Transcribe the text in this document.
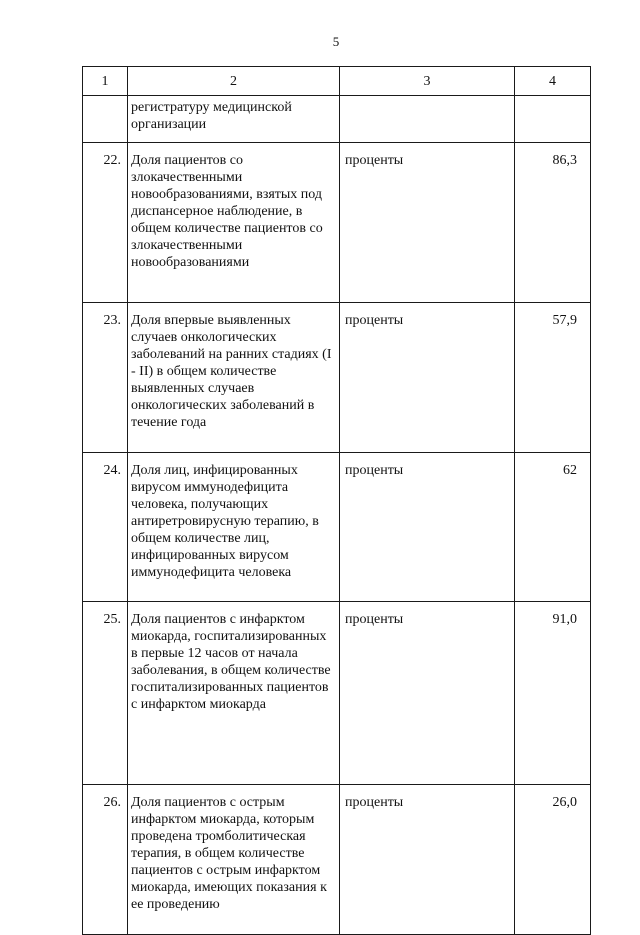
5
1	2	3	4
	регистратуру медицинской организации		
22.	Доля пациентов со злокачественными новообразованиями, взятых под диспансерное наблюдение, в общем количестве пациентов со злокачественными новообразованиями	проценты	86,3
23.	Доля впервые выявленных случаев онкологических заболеваний на ранних стадиях (I - II) в общем количестве выявленных случаев онкологических заболеваний в течение года	проценты	57,9
24.	Доля лиц, инфицированных вирусом иммунодефицита человека, получающих антиретровирусную терапию, в общем количестве лиц, инфицированных вирусом иммунодефицита человека	проценты	62
25.	Доля пациентов с инфарктом миокарда, госпитализированных в первые 12 часов от начала заболевания, в общем количестве госпитализированных пациентов с инфарктом миокарда	проценты	91,0
26.	Доля пациентов с острым инфарктом миокарда, которым проведена тромболитическая терапия, в общем количестве пациентов с острым инфарктом миокарда, имеющих показания к ее проведению	проценты	26,0
